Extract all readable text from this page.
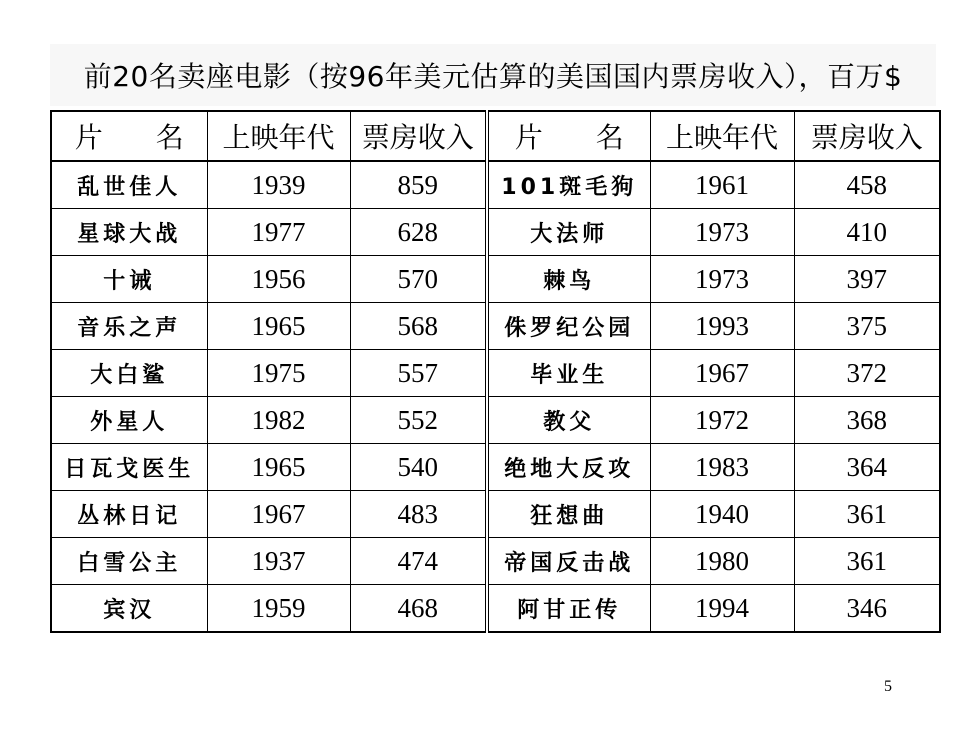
前20名卖座电影（按96年美元估算的美国国内票房收入），百万$
片 名	上映年代	票房收入	片 名	上映年代	票房收入
乱世佳人	1939	859	101斑毛狗	1961	458
星球大战	1977	628	大法师	1973	410
十诫	1956	570	棘鸟	1973	397
音乐之声	1965	568	侏罗纪公园	1993	375
大白鲨	1975	557	毕业生	1967	372
外星人	1982	552	教父	1972	368
日瓦戈医生	1965	540	绝地大反攻	1983	364
丛林日记	1967	483	狂想曲	1940	361
白雪公主	1937	474	帝国反击战	1980	361
宾汉	1959	468	阿甘正传	1994	346
5
